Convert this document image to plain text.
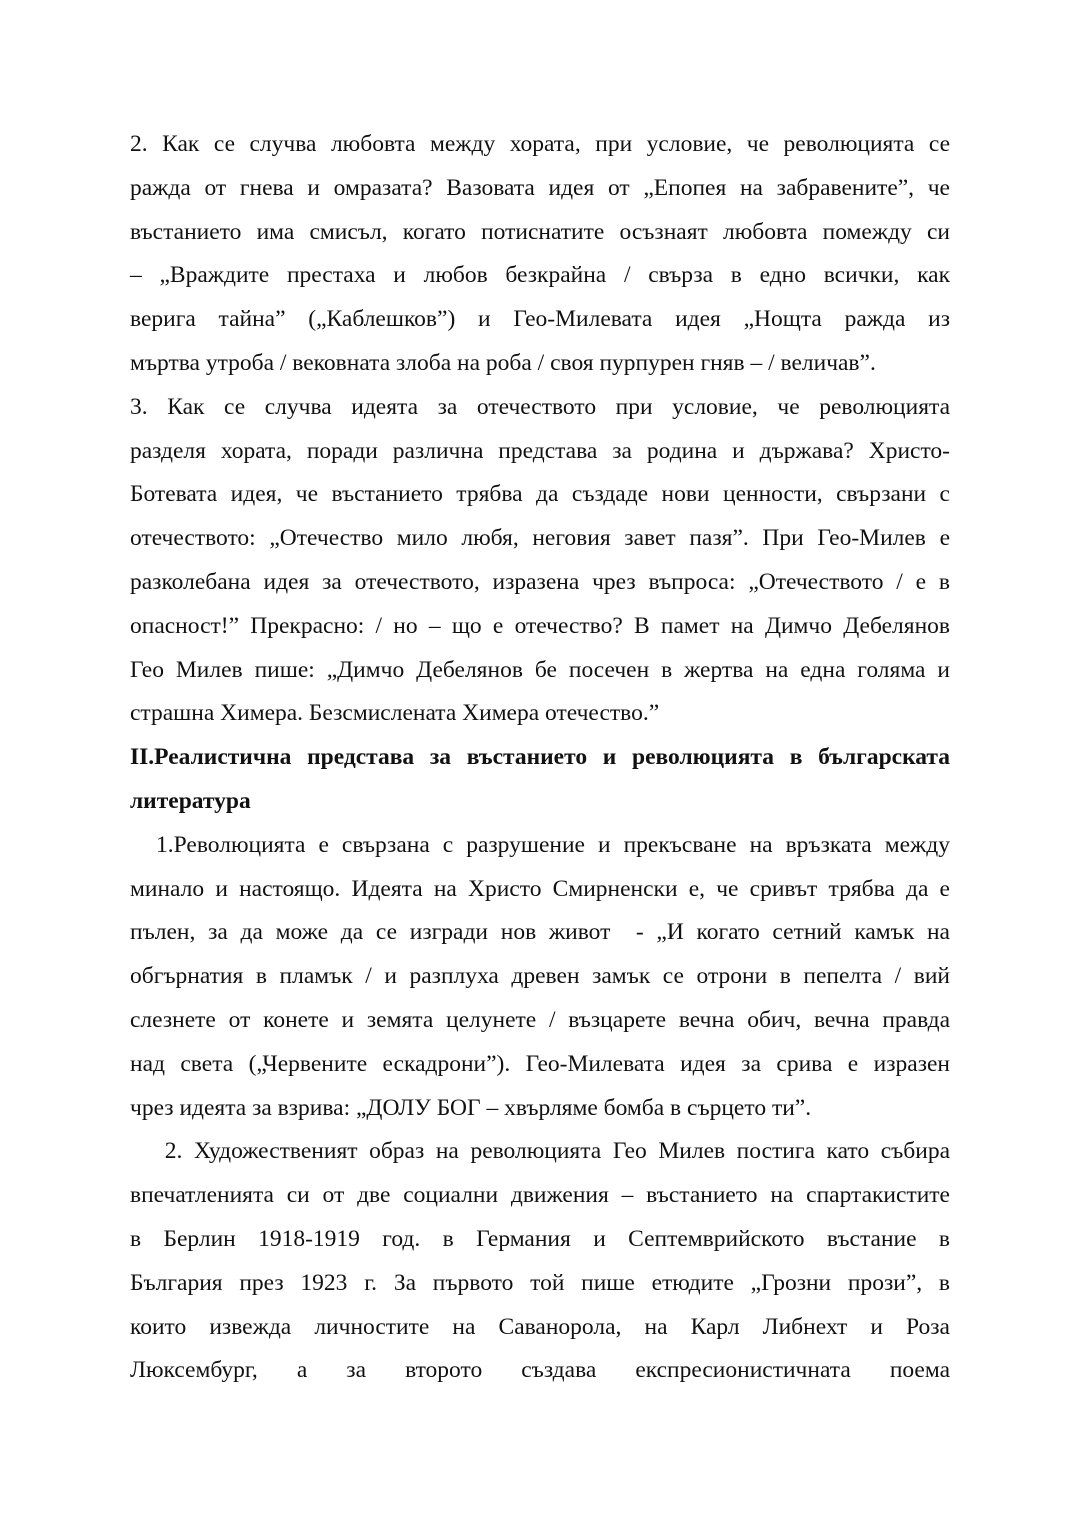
2. Как се случва любовта между хората, при условие, че революцията се
ражда от гнева и омразата? Вазовата идея от „Епопея на забравените”, че
въстанието има смисъл, когато потиснатите осъзнаят любовта помежду си
– „Враждите престаха и любов безкрайна / свърза в едно всички, как
верига тайна” („Каблешков”) и Гео-Милевата идея „Нощта ражда из
мъртва утроба / вековната злоба на роба / своя пурпурен гняв – / величав”.
3. Как се случва идеята за отечеството при условие, че революцията
разделя хората, поради различна представа за родина и държава? Христо-
Ботевата идея, че въстанието трябва да създаде нови ценности, свързани с
отечеството: „Отечество мило любя, неговия завет пазя”. При Гео-Милев е
разколебана идея за отечеството, изразена чрез въпроса: „Отечеството / е в
опасност!” Прекрасно: / но – що е отечество? В памет на Димчо Дебелянов
Гео Милев пише: „Димчо Дебелянов бе посечен в жертва на една голяма и
страшна Химера. Безсмислената Химера отечество.”
II.Реалистична представа за въстанието и революцията в българската
литература
1.Революцията е свързана с разрушение и прекъсване на връзката между
минало и настоящо. Идеята на Христо Смирненски е, че сривът трябва да е
пълен, за да може да се изгради нов живот  - „И когато сетний камък на
обгърнатия в пламък / и разплуха древен замък се отрони в пепелта / вий
слезнете от конете и земята целунете / възцарете вечна обич, вечна правда
над света („Червените ескадрони”). Гео-Милевата идея за срива е изразен
чрез идеята за взрива: „ДОЛУ БОГ – хвърляме бомба в сърцето ти”.
2. Художественият образ на революцията Гео Милев постига като събира
впечатленията си от две социални движения – въстанието на спартакистите
в Берлин 1918-1919 год. в Германия и Септемврийското въстание в
България през 1923 г. За първото той пише етюдите „Грозни прози”, в
които извежда личностите на Саванорола, на Карл Либнехт и Роза
Люксембург, а за второто създава експресионистичната поема
